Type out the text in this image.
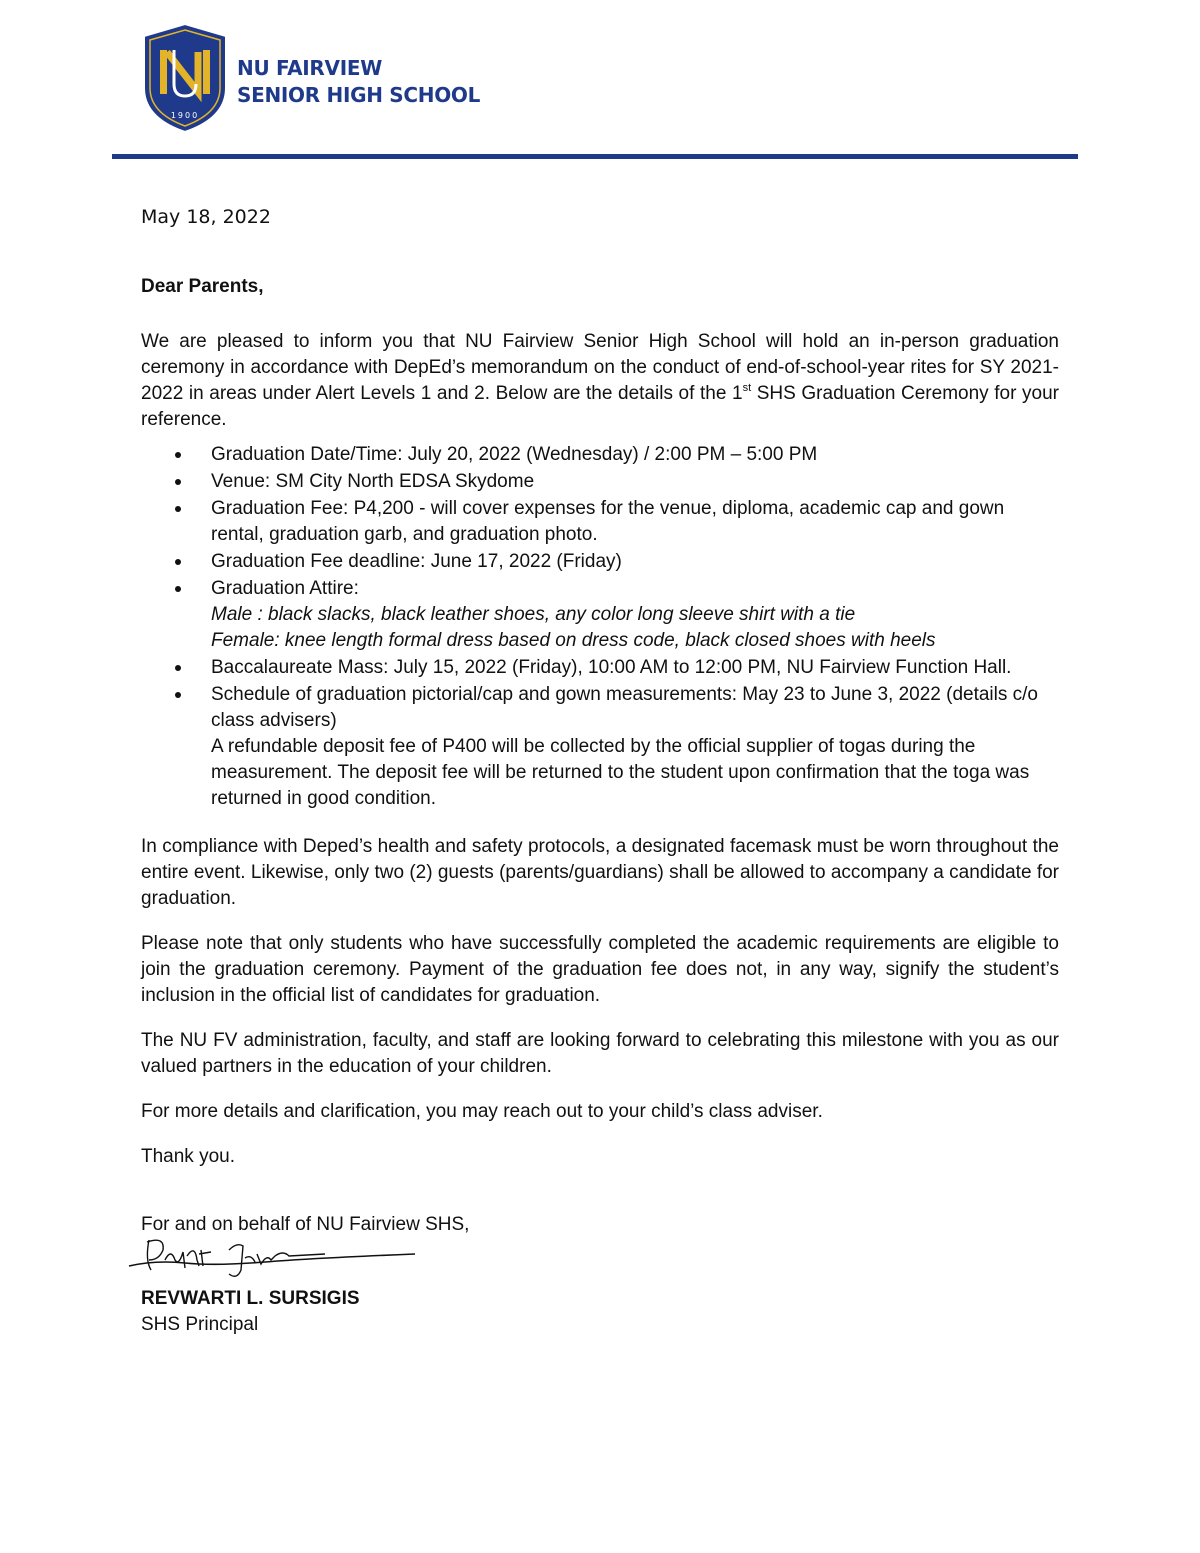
1900
NU FAIRVIEW
SENIOR HIGH SCHOOL

May 18, 2022

Dear Parents,

We are pleased to inform you that NU Fairview Senior High School will hold an in-person graduation ceremony in accordance with DepEd’s memorandum on the conduct of end-of-school-year rites for SY 2021-2022 in areas under Alert Levels 1 and 2. Below are the details of the 1st SHS Graduation Ceremony for your reference.

Graduation Date/Time: July 20, 2022 (Wednesday) / 2:00 PM – 5:00 PM
Venue: SM City North EDSA Skydome
Graduation Fee: P4,200 - will cover expenses for the venue, diploma, academic cap and gown rental, graduation garb, and graduation photo.
Graduation Fee deadline: June 17, 2022 (Friday)
Graduation Attire:
Male : black slacks, black leather shoes, any color long sleeve shirt with a tie
Female: knee length formal dress based on dress code, black closed shoes with heels
Baccalaureate Mass: July 15, 2022 (Friday), 10:00 AM to 12:00 PM, NU Fairview Function Hall.
Schedule of graduation pictorial/cap and gown measurements: May 23 to June 3, 2022 (details c/o class advisers)
A refundable deposit fee of P400 will be collected by the official supplier of togas during the measurement. The deposit fee will be returned to the student upon confirmation that the toga was returned in good condition.

In compliance with Deped’s health and safety protocols, a designated facemask must be worn throughout the entire event. Likewise, only two (2) guests (parents/guardians) shall be allowed to accompany a candidate for graduation.

Please note that only students who have successfully completed the academic requirements are eligible to join the graduation ceremony. Payment of the graduation fee does not, in any way, signify the student’s inclusion in the official list of candidates for graduation.

The NU FV administration, faculty, and staff are looking forward to celebrating this milestone with you as our valued partners in the education of your children.

For more details and clarification, you may reach out to your child’s class adviser.

Thank you.

For and on behalf of NU Fairview SHS,

REVWARTI L. SURSIGIS

SHS Principal
